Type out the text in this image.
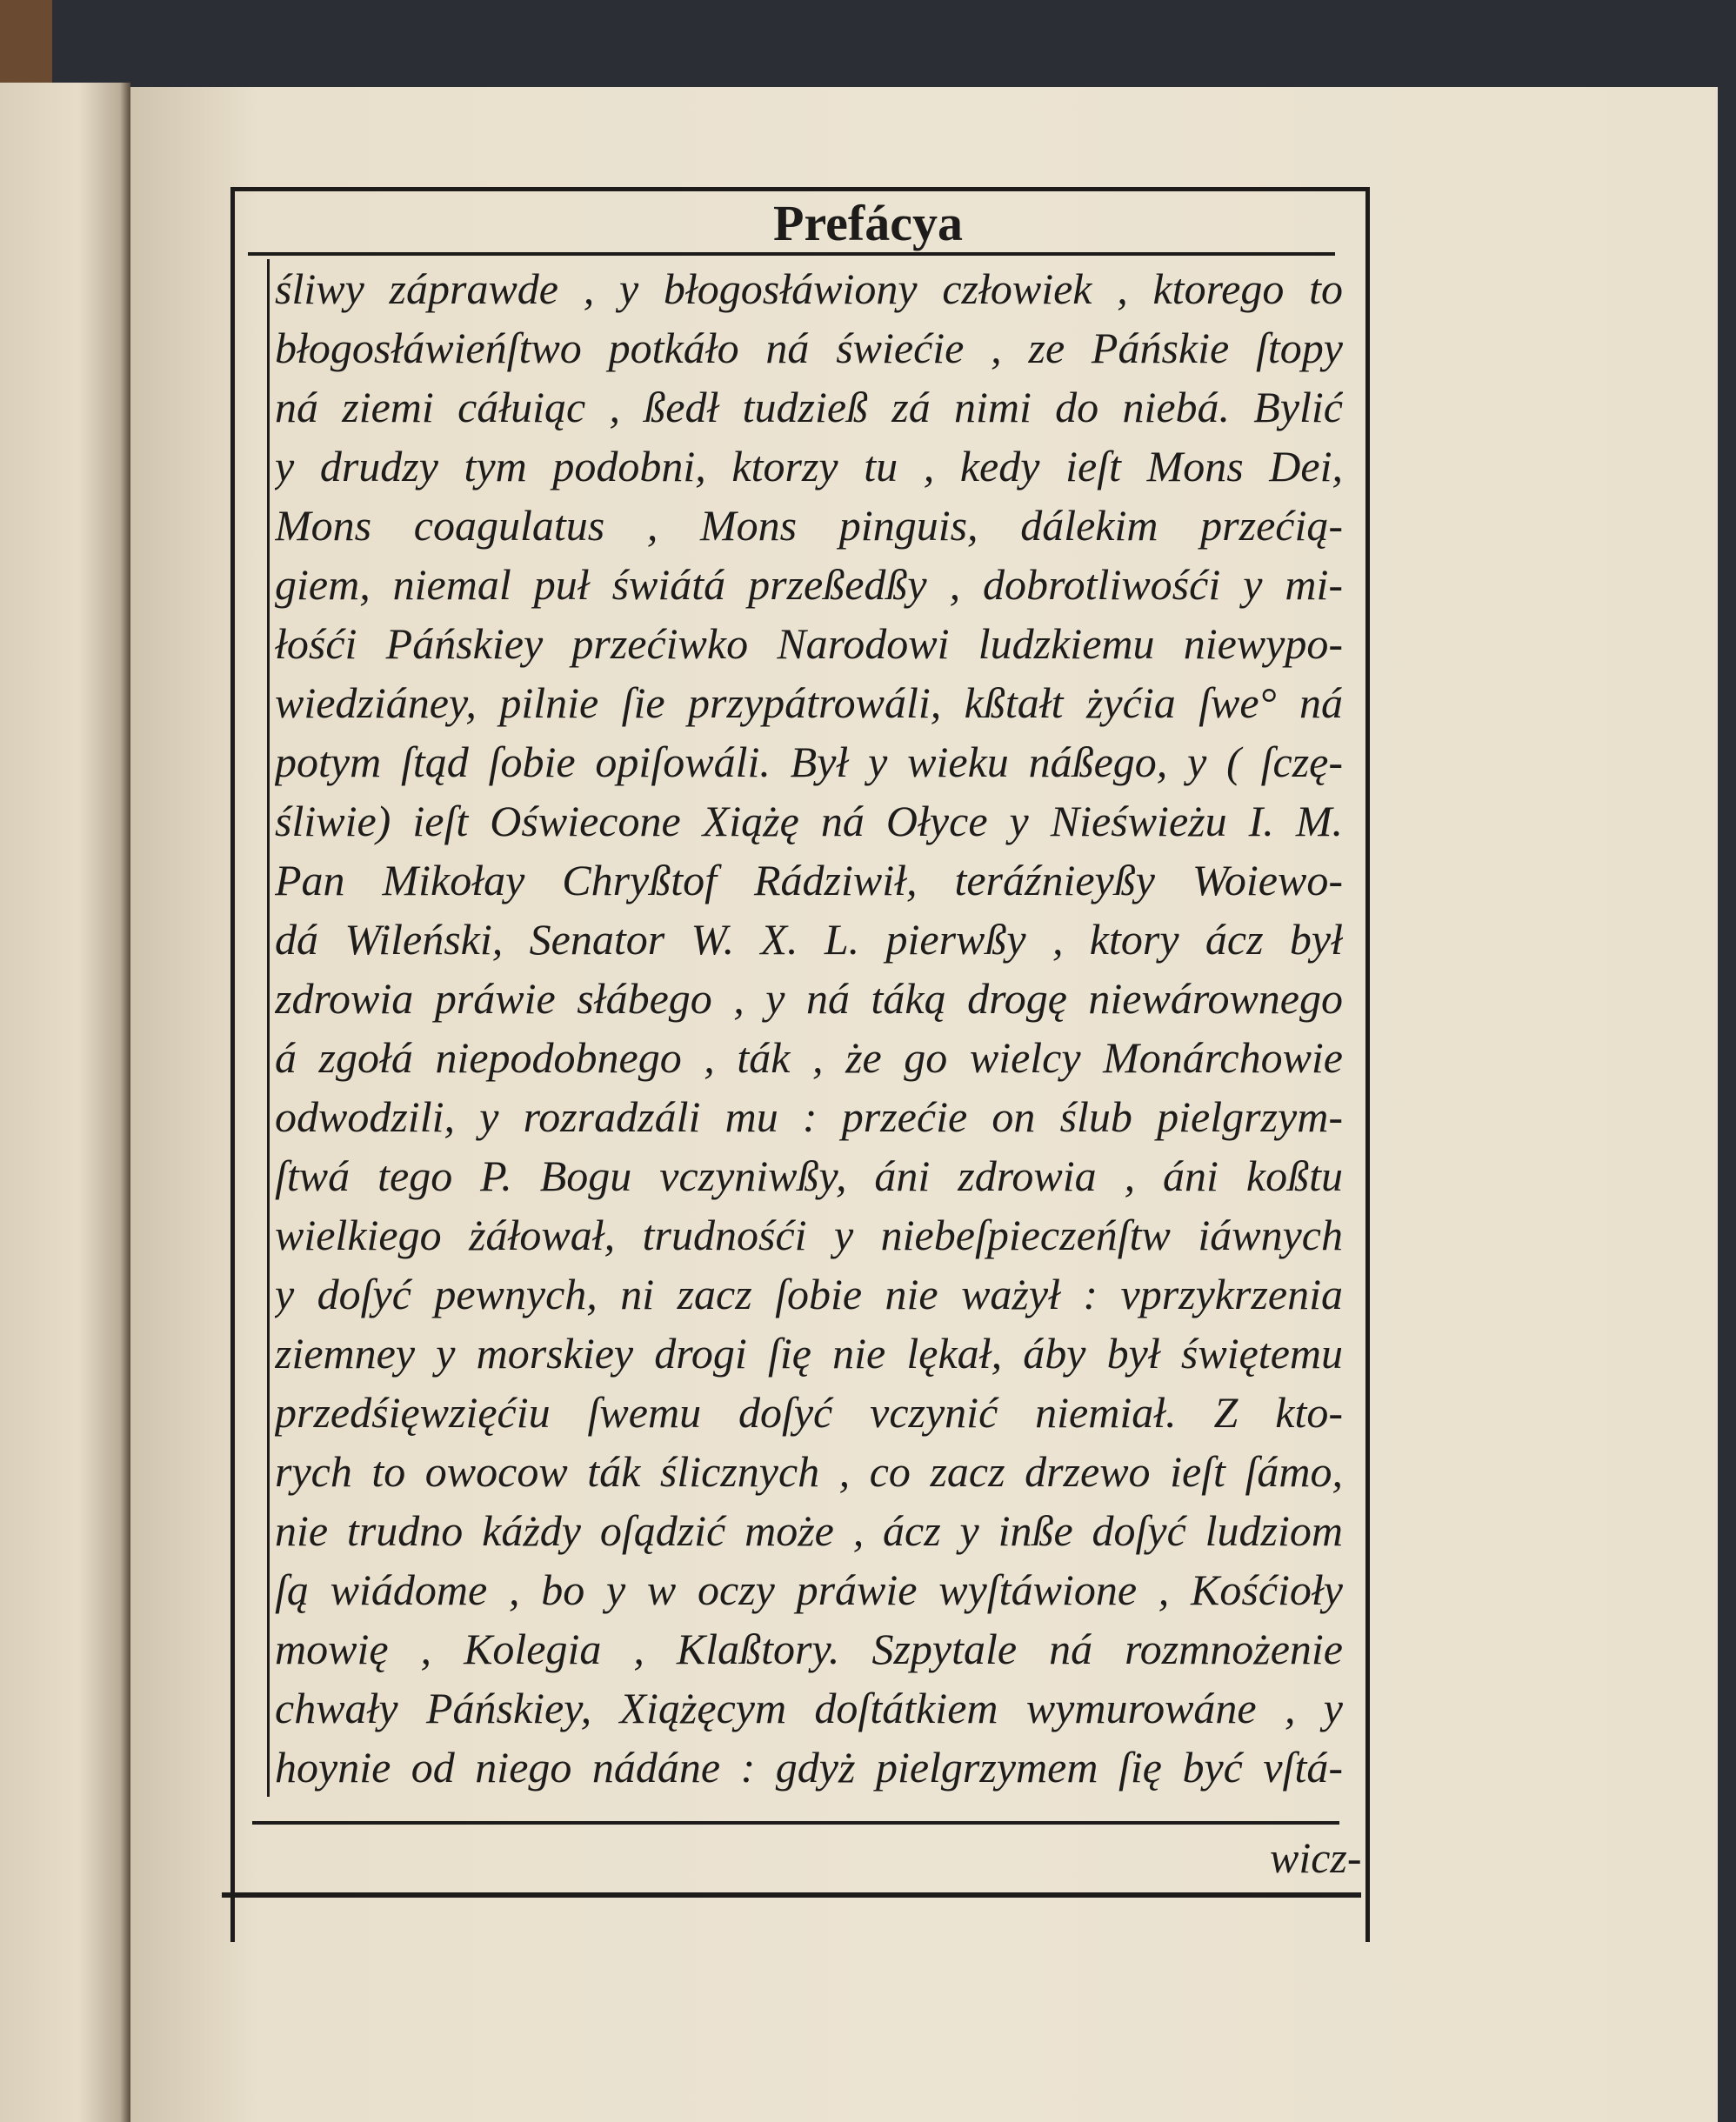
Prefácya
śliwy záprawde , y błogosłáwiony człowiek , ktorego to
błogosłáwieńſtwo potkáło ná świećie , ze Páńskie ſtopy
ná ziemi cáłuiąc , ßedł tudzieß zá nimi do niebá. Bylić
y drudzy tym podobni, ktorzy tu , kedy ieſt Mons Dei,
Mons coagulatus , Mons pinguis, dálekim przećią-
giem, niemal puł świátá przeßedßy , dobrotliwośći y mi-
łośći Páńskiey przećiwko Narodowi ludzkiemu niewypo-
wiedziáney, pilnie ſie przypátrowáli, kßtałt żyćia ſwe° ná
potym ſtąd ſobie opiſowáli. Był y wieku náßego, y ( ſczę-
śliwie) ieſt Oświecone Xiążę ná Ołyce y Nieświeżu I. M.
Pan Mikołay Chryßtof Rádziwił, teráźnieyßy Woiewo-
dá Wileński, Senator W. X. L. pierwßy , ktory ácz był
zdrowia práwie słábego , y ná táką drogę niewárownego
á zgołá niepodobnego , ták , że go wielcy Monárchowie
odwodzili, y rozradzáli mu : przećie on ślub pielgrzym-
ſtwá tego P. Bogu vczyniwßy, áni zdrowia , áni koßtu
wielkiego żáłował, trudnośći y niebeſpieczeńſtw iáwnych
y doſyć pewnych, ni zacz ſobie nie ważył : vprzykrzenia
ziemney y morskiey drogi ſię nie lękał, áby był świętemu
przedśięwzięćiu ſwemu doſyć vczynić niemiał. Z kto-
rych to owocow ták ślicznych , co zacz drzewo ieſt ſámo,
nie trudno káżdy oſądzić może , ácz y inße doſyć ludziom
ſą wiádome , bo y w oczy práwie wyſtáwione , Kośćioły
mowię , Kolegia , Klaßtory. Szpytale ná rozmnożenie
chwały Páńskiey, Xiążęcym doſtátkiem wymurowáne , y
hoynie od niego nádáne : gdyż pielgrzymem ſię być vſtá-
wicz-
